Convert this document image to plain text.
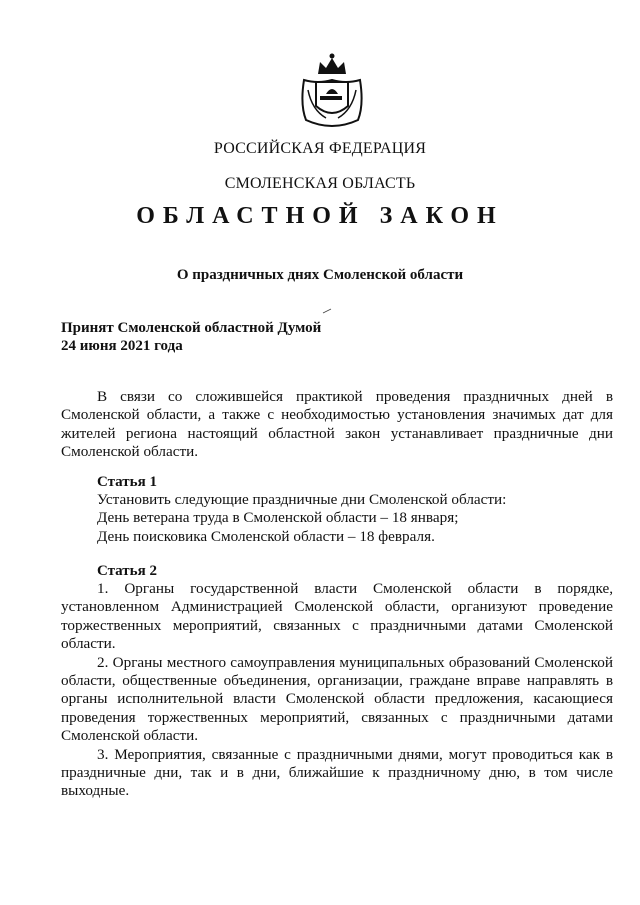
РОССИЙСКАЯ ФЕДЕРАЦИЯ
СМОЛЕНСКАЯ ОБЛАСТЬ
ОБЛАСТНОЙ ЗАКОН
О праздничных днях Смоленской области
Принят Смоленской областной Думой
24 июня 2021 года

В связи со сложившейся практикой проведения праздничных дней в Смоленской области, а также с необходимостью установления значимых дат для жителей региона настоящий областной закон устанавливает праздничные дни Смоленской области.

Статья 1
Установить следующие праздничные дни Смоленской области:
День ветерана труда в Смоленской области – 18 января;
День поисковика Смоленской области – 18 февраля.
Статья 2

1. Органы государственной власти Смоленской области в порядке, установленном Администрацией Смоленской области, организуют проведение торжественных мероприятий, связанных с праздничными датами Смоленской области.

2. Органы местного самоуправления муниципальных образований Смоленской области, общественные объединения, организации, граждане вправе направлять в органы исполнительной власти Смоленской области предложения, касающиеся проведения торжественных мероприятий, связанных с праздничными датами Смоленской области.

3. Мероприятия, связанные с праздничными днями, могут проводиться как в праздничные дни, так и в дни, ближайшие к праздничному дню, в том числе выходные.
